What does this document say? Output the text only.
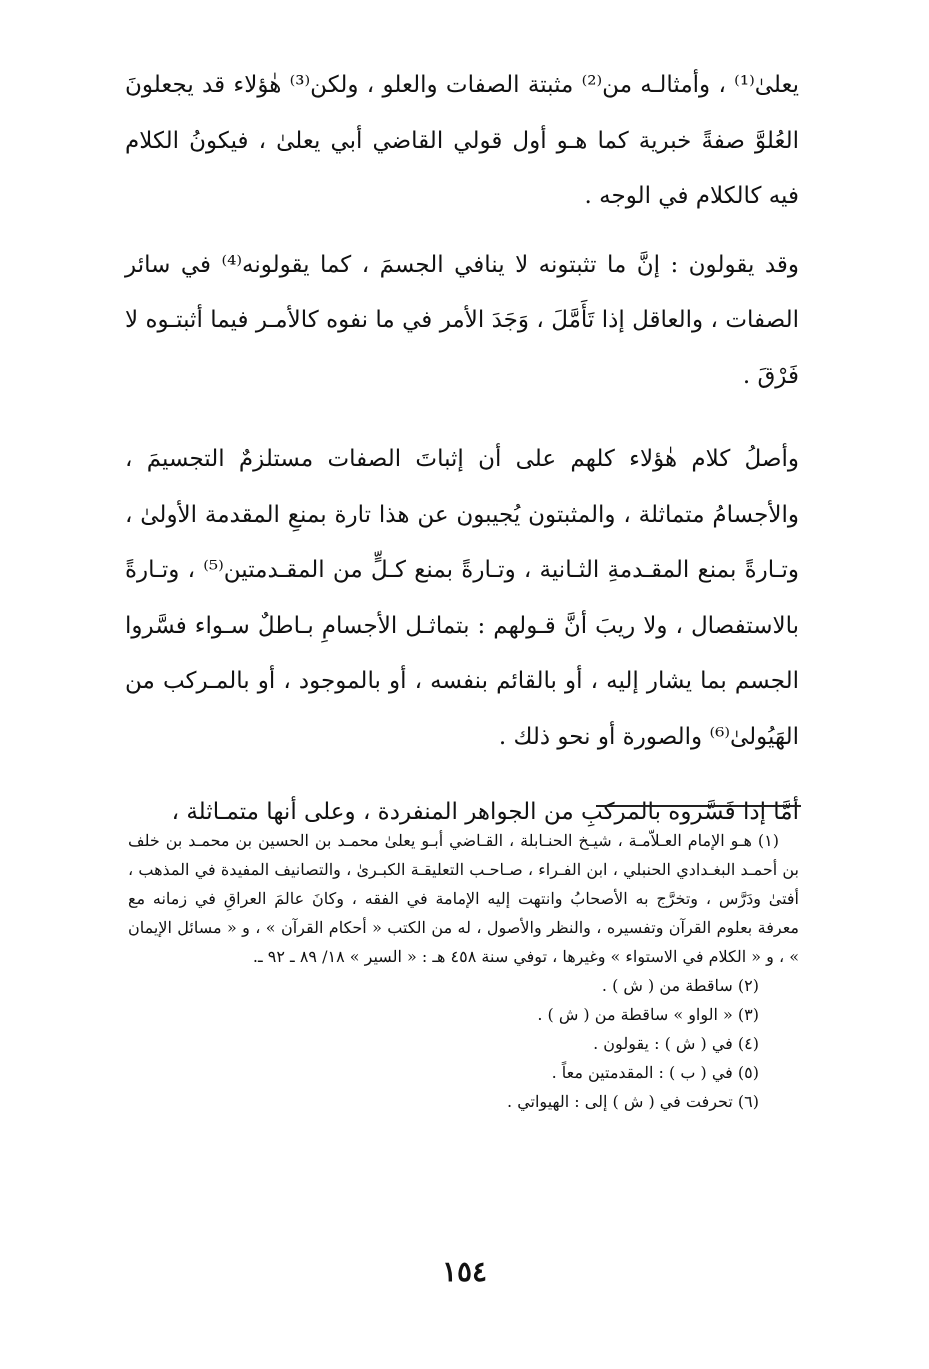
يعلىٰ⁽¹⁾ ، وأمثالـه من⁽²⁾ مثبتة الصفات والعلو ، ولكن⁽³⁾ هٰؤلاء قد يجعلونَ العُلوَّ صفةً خبرية كما هـو أول قولي القاضي أبي يعلىٰ ، فيكونُ الكلام فيه كالكلام في الوجه .

وقد يقولون : إنَّ ما تثبتونه لا ينافي الجسمَ ، كما يقولونه⁽⁴⁾ في سائر الصفات ، والعاقل إذا تَأَمَّلَ ، وَجَدَ الأمر في ما نفوه كالأمـر فيما أثبتـوه لا فَرْقَ .

وأصلُ كلام هٰؤلاء كلهم على أن إثباتَ الصفات مستلزمٌ التجسيمَ ، والأجسامُ متماثلة ، والمثبتون يُجيبون عن هذا تارة بمنعِ المقدمة الأولىٰ ، وتـارةً بمنع المقـدمةِ الثـانية ، وتـارةً بمنع كـلٍّ من المقـدمتين⁽⁵⁾ ، وتـارةً بالاستفصال ، ولا ريبَ أنَّ قـولهم : بتماثـل الأجسامِ بـاطلٌ سـواء فسَّروا الجسم بما يشار إليه ، أو بالقائم بنفسه ، أو بالموجود ، أو بالمـركب من الهَيُولىٰ⁽⁶⁾ والصورة أو نحو ذلك .

أمَّا إذا فَسَّروه بالمركبِ من الجواهر المنفردة ، وعلى أنها متمـاثلة ،

(١) هـو الإمام العـلاّمـة ، شيـخ الحنـابلة ، القـاضي أبـو يعلىٰ محمـد بن الحسين بن محمـد بن خلف بن أحمـد البغـدادي الحنبلي ، ابن الفـراء ، صـاحـب التعليقـة الكبـرىٰ ، والتصانيف المفيدة في المذهب ، أفتىٰ ودَرَّس ، وتخرَّج به الأصحابُ وانتهت إليه الإمامة في الفقه ، وكانَ عالمَ العراقِ في زمانه مع معرفة بعلوم القرآن وتفسيره ، والنظر والأصول ، له من الكتب « أحكام القرآن » ، و « مسائل الإيمان » ، و « الكلام في الاستواء » وغيرها ، توفي سنة ٤٥٨ هـ : « السير » ١٨/ ٨٩ ـ ٩٢ ـ.

(٢) ساقطة من ( ش ) .

(٣) « الواو » ساقطة من ( ش ) .

(٤) في ( ش ) : يقولون .

(٥) في ( ب ) : المقدمتين معاً .

(٦) تحرفت في ( ش ) إلى : الهيواتي .

١٥٤
